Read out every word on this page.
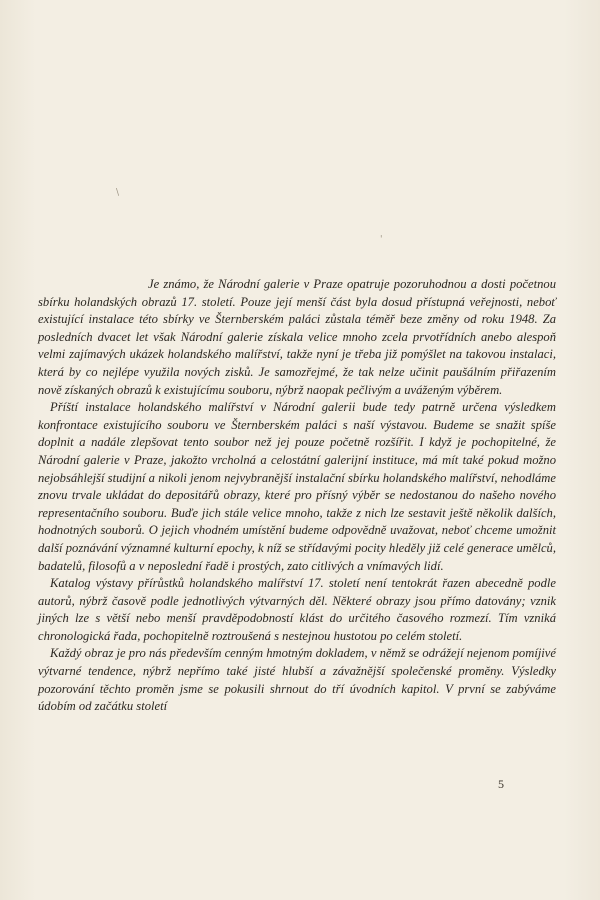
\
'

Je známo, že Národní galerie v Praze opatruje pozoruhodnou a dosti početnou sbírku holandských obrazů 17. století. Pouze její menší část byla dosud přístupná veřejnosti, neboť existující instalace této sbírky ve Šternberském paláci zůstala téměř beze změny od roku 1948. Za posledních dvacet let však Národní galerie získala velice mnoho zcela prvotřídních anebo alespoň velmi zajímavých ukázek holandského malířství, takže nyní je třeba již pomýšlet na takovou instalaci, která by co nejlépe využila nových zisků. Je samozřejmé, že tak nelze učinit paušálním přiřazením nově získaných obrazů k existujícímu souboru, nýbrž naopak pečlivým a uváženým výběrem.

Příští instalace holandského malířství v Národní galerii bude tedy patrně určena výsledkem konfrontace existujícího souboru ve Šternberském paláci s naší výstavou. Budeme se snažit spíše doplnit a nadále zlepšovat tento soubor než jej pouze početně rozšířit. I když je pochopitelné, že Národní galerie v Praze, jakožto vrcholná a celostátní galerijní instituce, má mít také pokud možno nejobsáhlejší studijní a nikoli jenom nejvybranější instalační sbírku holandského malířství, nehodláme znovu trvale ukládat do depositářů obrazy, které pro přísný výběr se nedostanou do našeho nového representačního souboru. Buďe jich stále velice mnoho, takže z nich lze sestavit ještě několik dalších, hodnotných souborů. O jejich vhodném umístění budeme odpovědně uvažovat, neboť chceme umožnit další poznávání významné kulturní epochy, k níž se střídavými pocity hleděly již celé generace umělců, badatelů, filosofů a v neposlední řadě i prostých, zato citlivých a vnímavých lidí.

Katalog výstavy přírůstků holandského malířství 17. století není tentokrát řazen abecedně podle autorů, nýbrž časově podle jednotlivých výtvarných děl. Některé obrazy jsou přímo datovány; vznik jiných lze s větší nebo menší pravděpodobností klást do určitého časového rozmezí. Tím vzniká chronologická řada, pochopitelně roztroušená s nestejnou hustotou po celém století.

Každý obraz je pro nás především cenným hmotným dokladem, v němž se odrážejí nejenom pomíjivé výtvarné tendence, nýbrž nepřímo také jisté hlubší a závažnější společenské proměny. Výsledky pozorování těchto proměn jsme se pokusili shrnout do tří úvodních kapitol. V první se zabýváme údobím od začátku století

5
